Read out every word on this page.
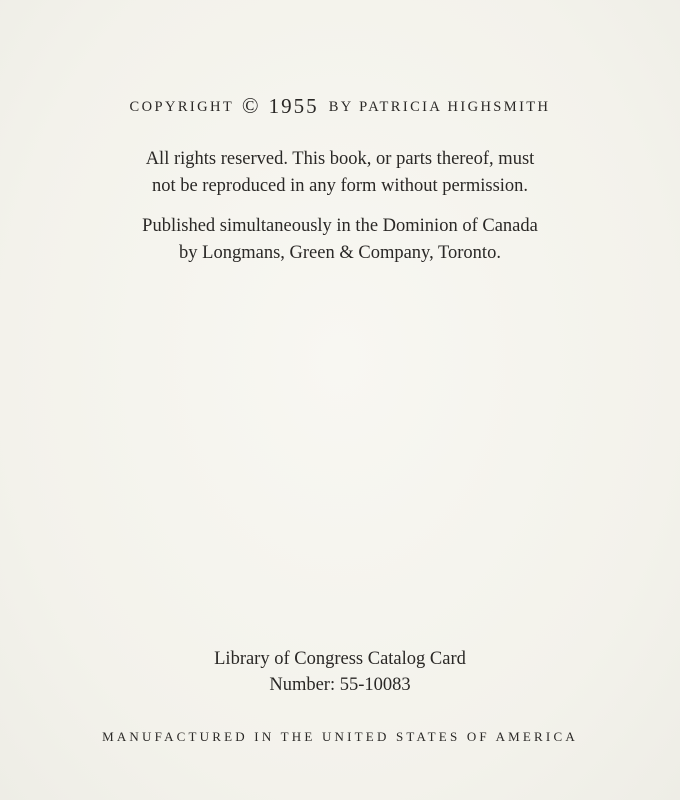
COPYRIGHT © 1955 BY PATRICIA HIGHSMITH
All rights reserved. This book, or parts thereof, must
not be reproduced in any form without permission.
Published simultaneously in the Dominion of Canada
by Longmans, Green & Company, Toronto.
Library of Congress Catalog Card
Number: 55-10083
MANUFACTURED IN THE UNITED STATES OF AMERICA
